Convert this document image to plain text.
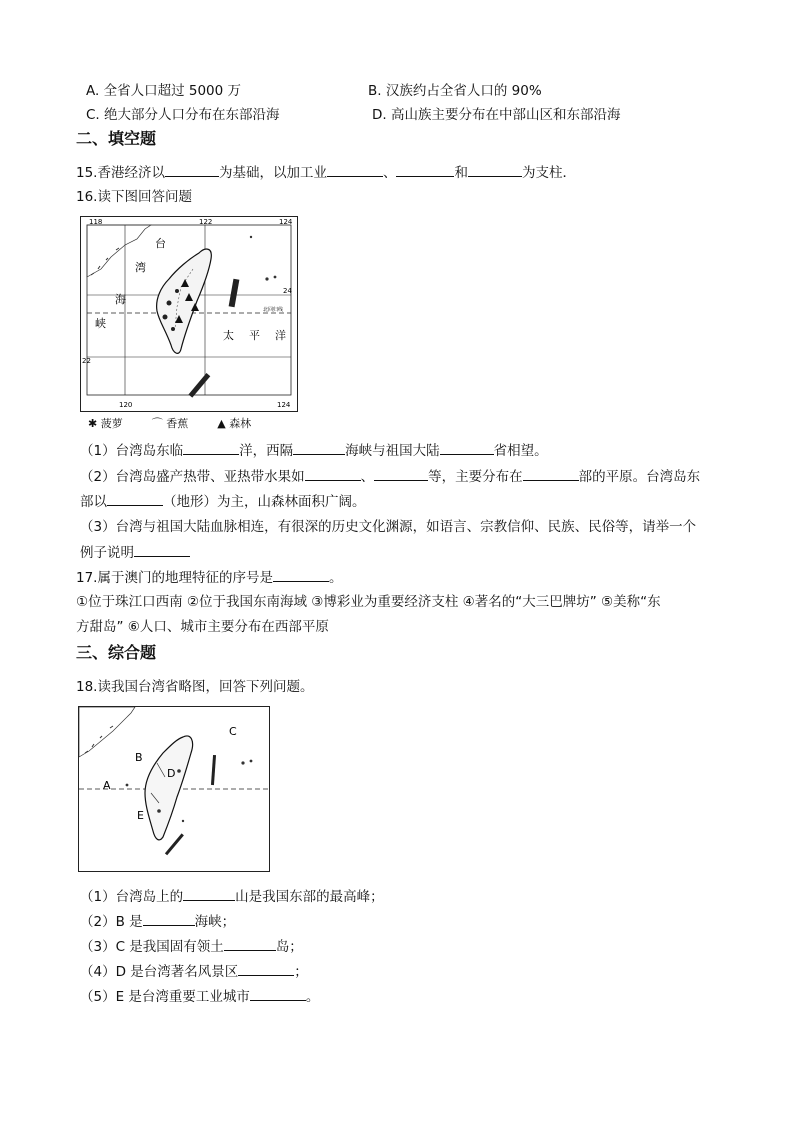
A. 全省人口超过 5000 万	B. 汉族约占全省人口的 90%
C. 绝大部分人口分布在东部沿海	D. 高山族主要分布在中部山区和东部沿海
二、填空题
15.香港经济以	为基础，以加工业	、	和	为支柱．
16.读下图回答问题
118	122	124
120	124
24
22
北回归线
台
湾
海
峡
太 平 洋
✱ 菠萝	⌒ 香蕉	▲ 森林
（1）台湾岛东临	洋，西隔	海峡与祖国大陆	省相望。
（2）台湾岛盛产热带、亚热带水果如	、	等，主要分布在	部的平原。台湾岛东
部以	（地形）为主，山森林面积广阔。
（3）台湾与祖国大陆血脉相连，有很深的历史文化渊源，如语言、宗教信仰、民族、民俗等，请举一个
例子说明
17.属于澳门的地理特征的序号是	。
①位于珠江口西南 ②位于我国东南海域 ③博彩业为重要经济支柱 ④著名的“大三巴牌坊” ⑤美称“东
方甜岛” ⑥人口、城市主要分布在西部平原
三、综合题
18.读我国台湾省略图，回答下列问题。
C
B
A
D
E
（1）台湾岛上的	山是我国东部的最高峰；
（2）B 是	海峡；
（3）C 是我国固有领土	岛；
（4）D 是台湾著名风景区	；
（5）E 是台湾重要工业城市	。
